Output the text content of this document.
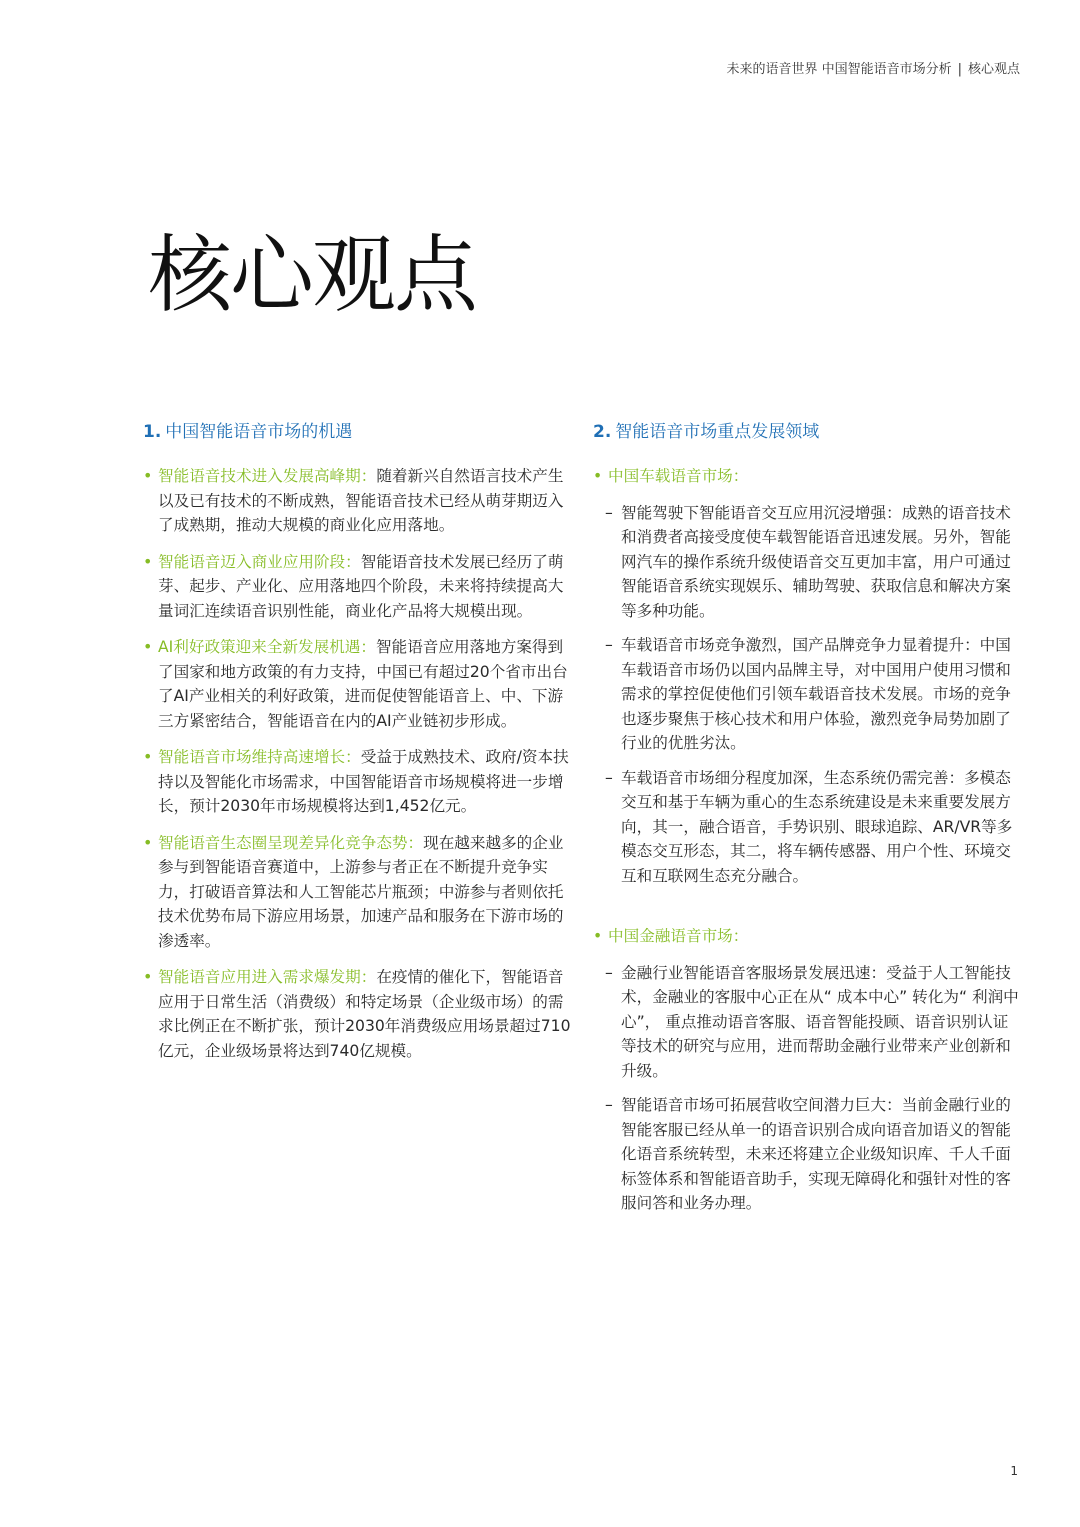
未来的语音世界 中国智能语音市场分析 | 核心观点
核心观点
1. 中国智能语音市场的机遇
• 智能语音技术进入发展高峰期：随着新兴自然语言技术产生以及已有技术的不断成熟，智能语音技术已经从萌芽期迈入了成熟期，推动大规模的商业化应用落地。
• 智能语音迈入商业应用阶段：智能语音技术发展已经历了萌芽、起步、产业化、应用落地四个阶段，未来将持续提高大量词汇连续语音识别性能，商业化产品将大规模出现。
• AI利好政策迎来全新发展机遇：智能语音应用落地方案得到了国家和地方政策的有力支持，中国已有超过20个省市出台了AI产业相关的利好政策，进而促使智能语音上、中、下游三方紧密结合，智能语音在内的AI产业链初步形成。
• 智能语音市场维持高速增长：受益于成熟技术、政府/资本扶持以及智能化市场需求，中国智能语音市场规模将进一步增长，预计2030年市场规模将达到1,452亿元。
• 智能语音生态圈呈现差异化竞争态势：现在越来越多的企业参与到智能语音赛道中，上游参与者正在不断提升竞争实力，打破语音算法和人工智能芯片瓶颈；中游参与者则依托技术优势布局下游应用场景，加速产品和服务在下游市场的渗透率。
• 智能语音应用进入需求爆发期：在疫情的催化下，智能语音应用于日常生活（消费级）和特定场景（企业级市场）的需求比例正在不断扩张，预计2030年消费级应用场景超过710亿元，企业级场景将达到740亿规模。
2. 智能语音市场重点发展领域
• 中国车载语音市场：
– 智能驾驶下智能语音交互应用沉浸增强：成熟的语音技术和消费者高接受度使车载智能语音迅速发展。另外，智能网汽车的操作系统升级使语音交互更加丰富，用户可通过智能语音系统实现娱乐、辅助驾驶、获取信息和解决方案等多种功能。
– 车载语音市场竞争激烈，国产品牌竞争力显着提升：中国车载语音市场仍以国内品牌主导，对中国用户使用习惯和需求的掌控促使他们引领车载语音技术发展。市场的竞争也逐步聚焦于核心技术和用户体验，激烈竞争局势加剧了行业的优胜劣汰。
– 车载语音市场细分程度加深，生态系统仍需完善：多模态交互和基于车辆为重心的生态系统建设是未来重要发展方向，其一，融合语音，手势识别、眼球追踪、AR/VR等多模态交互形态，其二，将车辆传感器、用户个性、环境交互和互联网生态充分融合。
• 中国金融语音市场：
– 金融行业智能语音客服场景发展迅速：受益于人工智能技术，金融业的客服中心正在从“ 成本中心” 转化为“ 利润中心”， 重点推动语音客服、语音智能投顾、语音识别认证等技术的研究与应用，进而帮助金融行业带来产业创新和升级。
– 智能语音市场可拓展营收空间潜力巨大：当前金融行业的智能客服已经从单一的语音识别合成向语音加语义的智能化语音系统转型，未来还将建立企业级知识库、千人千面标签体系和智能语音助手，实现无障碍化和强针对性的客服问答和业务办理。
1
